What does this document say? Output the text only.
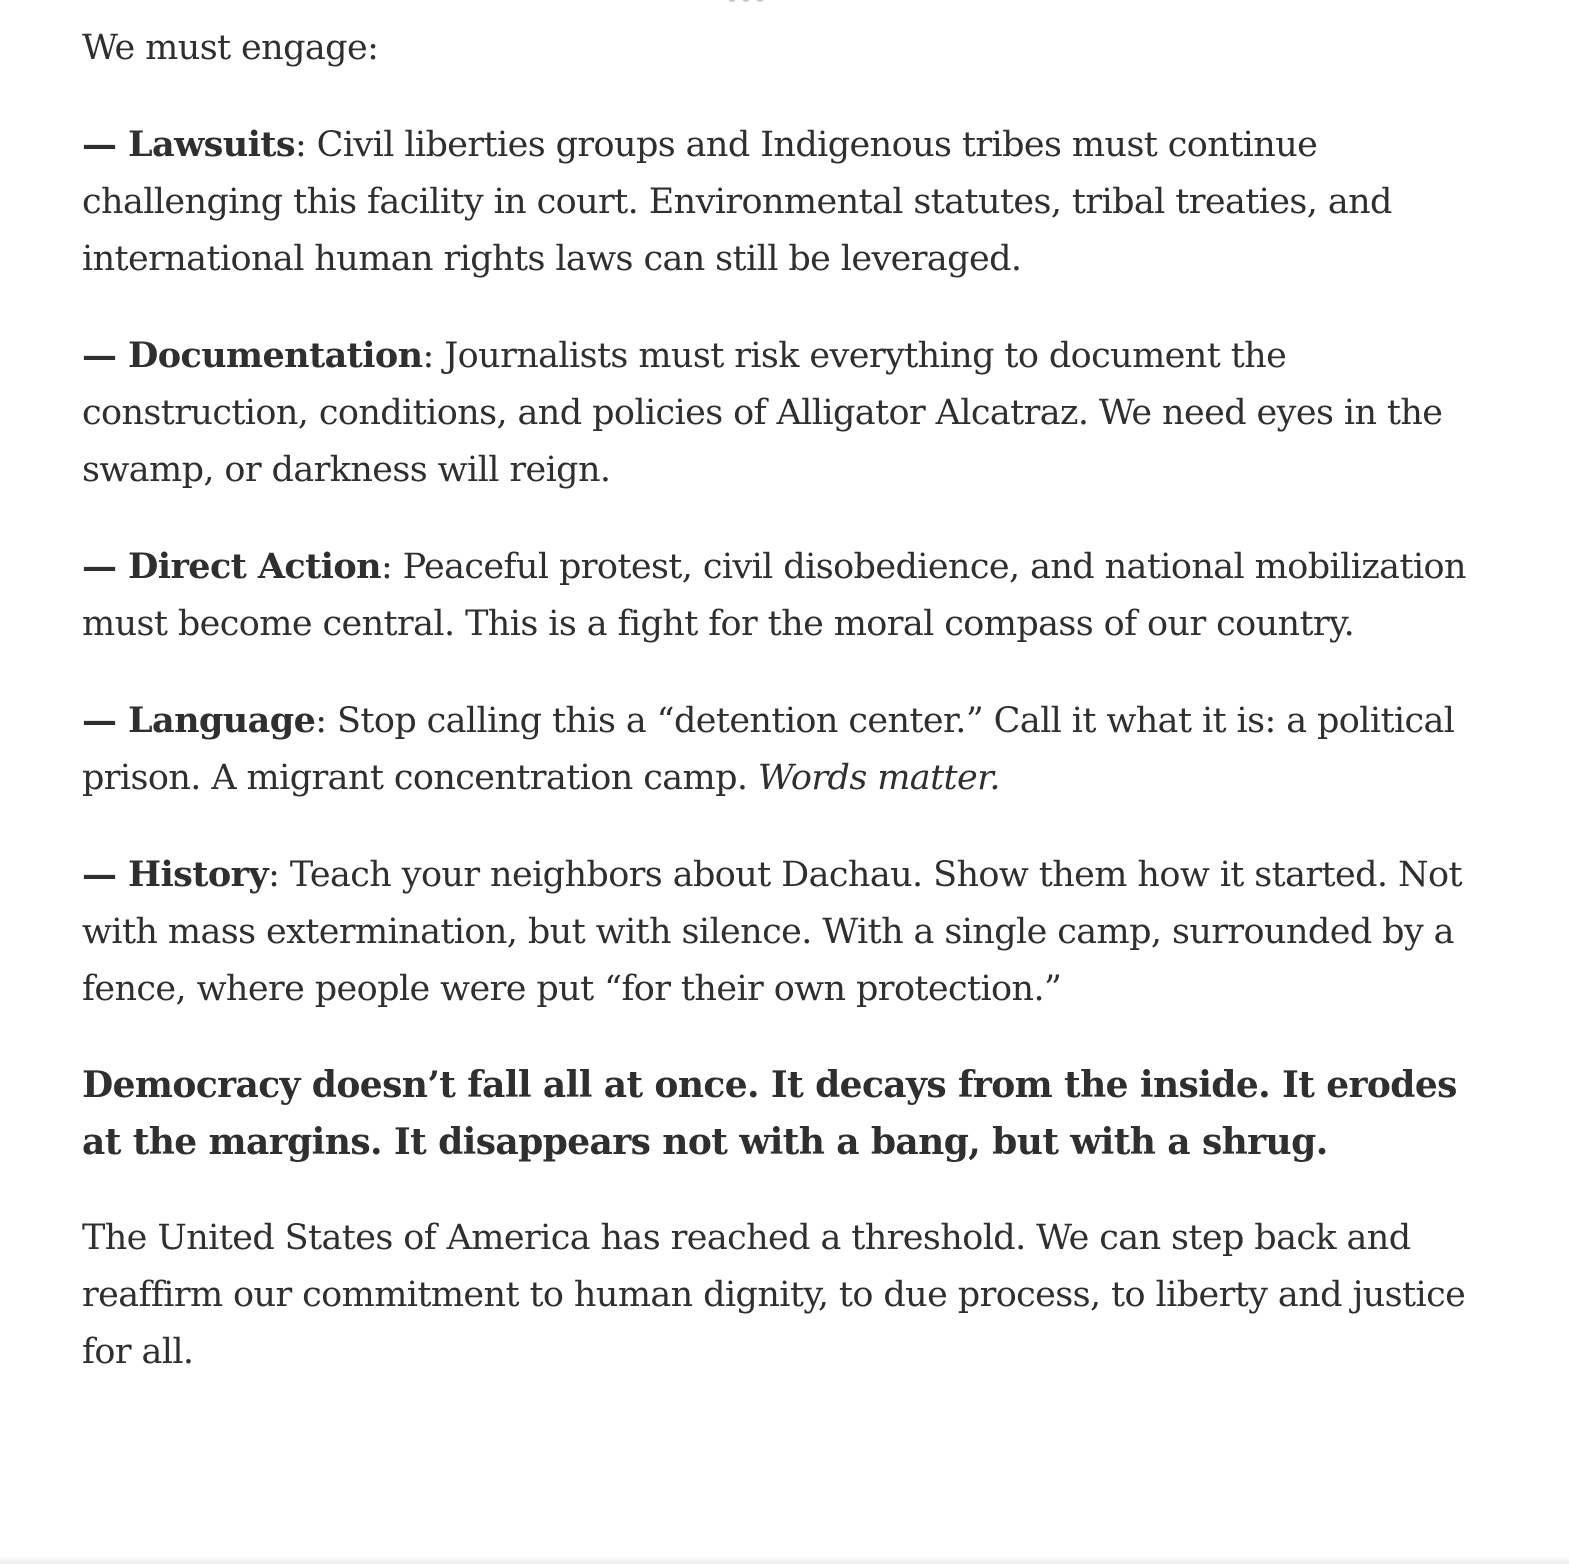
We must engage:

— Lawsuits: Civil liberties groups and Indigenous tribes must continue challenging this facility in court. Environmental statutes, tribal treaties, and international human rights laws can still be leveraged.

— Documentation: Journalists must risk everything to document the construction, conditions, and policies of Alligator Alcatraz. We need eyes in the swamp, or darkness will reign.

— Direct Action: Peaceful protest, civil disobedience, and national mobilization must become central. This is a fight for the moral compass of our country.

— Language: Stop calling this a “detention center.” Call it what it is: a political prison. A migrant concentration camp. Words matter.

— History: Teach your neighbors about Dachau. Show them how it started. Not with mass extermination, but with silence. With a single camp, surrounded by a fence, where people were put “for their own protection.”

Democracy doesn’t fall all at once. It decays from the inside. It erodes at the margins. It disappears not with a bang, but with a shrug.

The United States of America has reached a threshold. We can step back and reaffirm our commitment to human dignity, to due process, to liberty and justice for all.
